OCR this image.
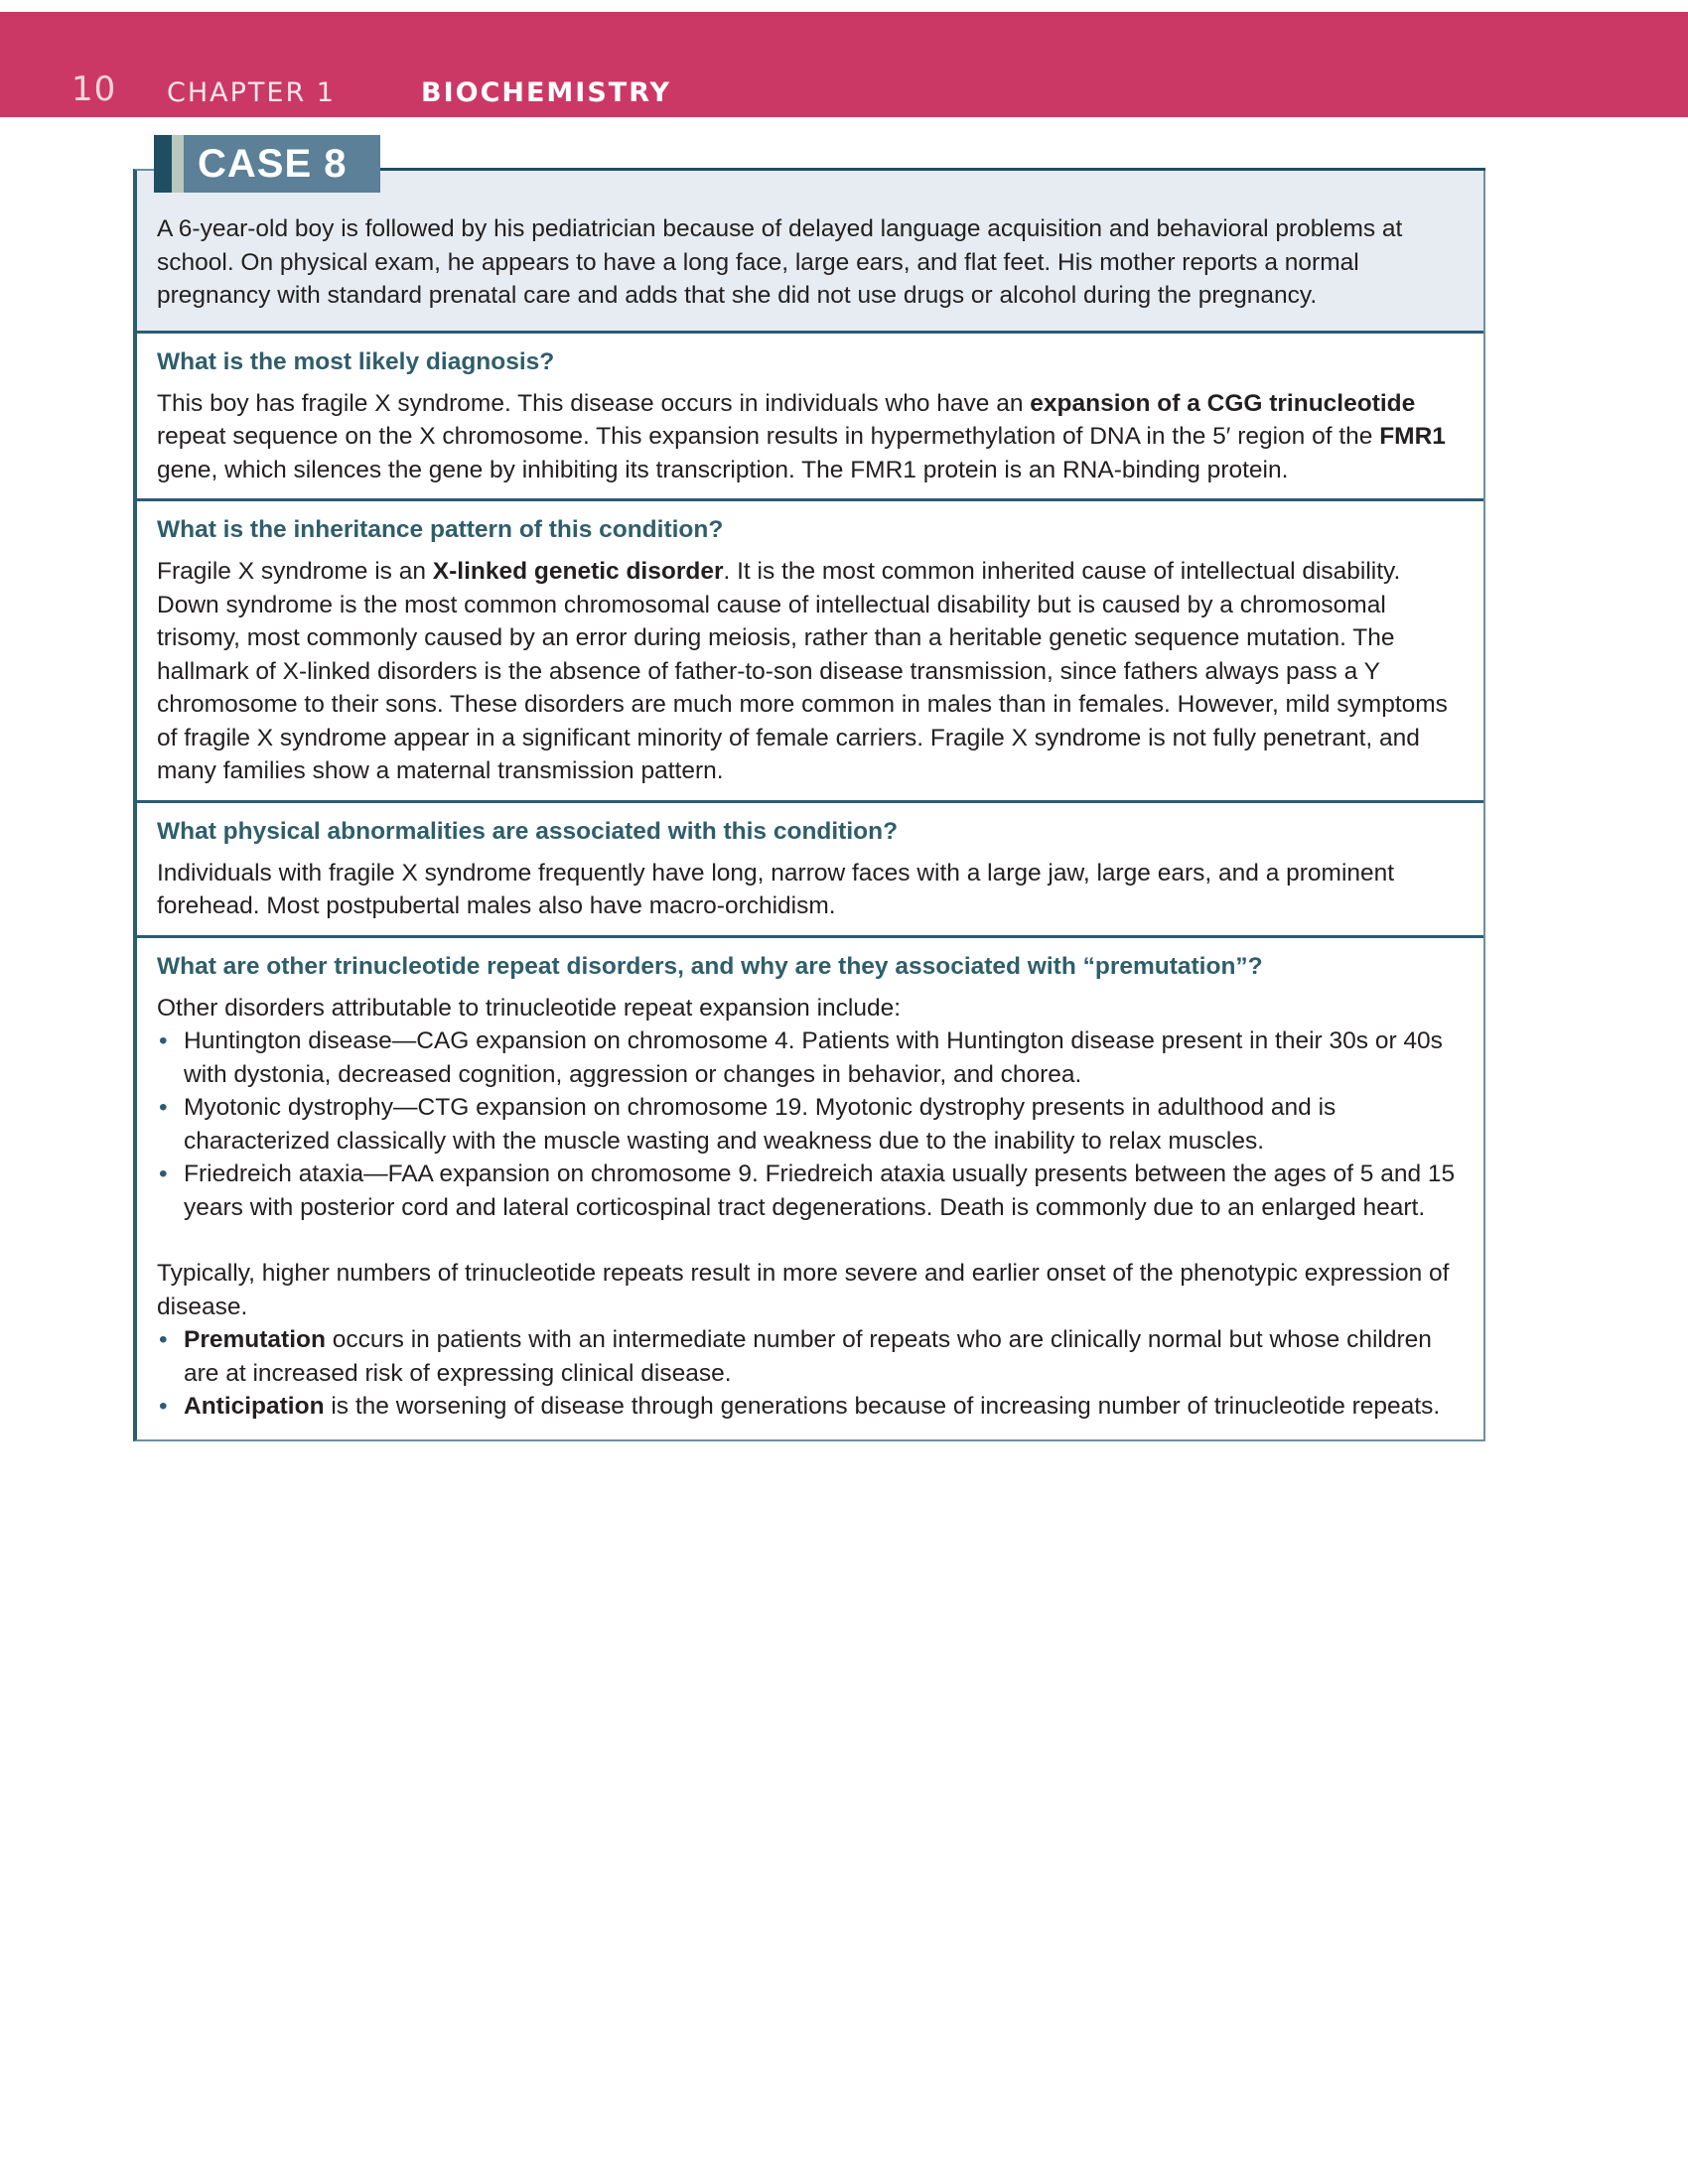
10 CHAPTER 1	BIOCHEMISTRY
CASE 8
A 6-year-old boy is followed by his pediatrician because of delayed language acquisition and behavioral problems at school. On physical exam, he appears to have a long face, large ears, and flat feet. His mother reports a normal pregnancy with standard prenatal care and adds that she did not use drugs or alcohol during the pregnancy.

What is the most likely diagnosis?

This boy has fragile X syndrome. This disease occurs in individuals who have an expansion of a CGG trinucleotide repeat sequence on the X chromosome. This expansion results in hypermethylation of DNA in the 5′ region of the FMR1 gene, which silences the gene by inhibiting its transcription. The FMR1 protein is an RNA-binding protein.

What is the inheritance pattern of this condition?

Fragile X syndrome is an X-linked genetic disorder. It is the most common inherited cause of intellectual disability. Down syndrome is the most common chromosomal cause of intellectual disability but is caused by a chromosomal trisomy, most commonly caused by an error during meiosis, rather than a heritable genetic sequence mutation. The hallmark of X-linked disorders is the absence of father-to-son disease transmission, since fathers always pass a Y chromosome to their sons. These disorders are much more common in males than in females. However, mild symptoms of fragile X syndrome appear in a significant minority of female carriers. Fragile X syndrome is not fully penetrant, and many families show a maternal transmission pattern.

What physical abnormalities are associated with this condition?

Individuals with fragile X syndrome frequently have long, narrow faces with a large jaw, large ears, and a prominent forehead. Most postpubertal males also have macro-orchidism.

What are other trinucleotide repeat disorders, and why are they associated with “premutation”?

Other disorders attributable to trinucleotide repeat expansion include:

• Huntington disease—CAG expansion on chromosome 4. Patients with Huntington disease present in their 30s or 40s with dystonia, decreased cognition, aggression or changes in behavior, and chorea.
• Myotonic dystrophy—CTG expansion on chromosome 19. Myotonic dystrophy presents in adulthood and is characterized classically with the muscle wasting and weakness due to the inability to relax muscles.
• Friedreich ataxia—FAA expansion on chromosome 9. Friedreich ataxia usually presents between the ages of 5 and 15 years with posterior cord and lateral corticospinal tract degenerations. Death is commonly due to an enlarged heart.

Typically, higher numbers of trinucleotide repeats result in more severe and earlier onset of the phenotypic expression of disease.

• Premutation occurs in patients with an intermediate number of repeats who are clinically normal but whose children are at increased risk of expressing clinical disease.
• Anticipation is the worsening of disease through generations because of increasing number of trinucleotide repeats.
